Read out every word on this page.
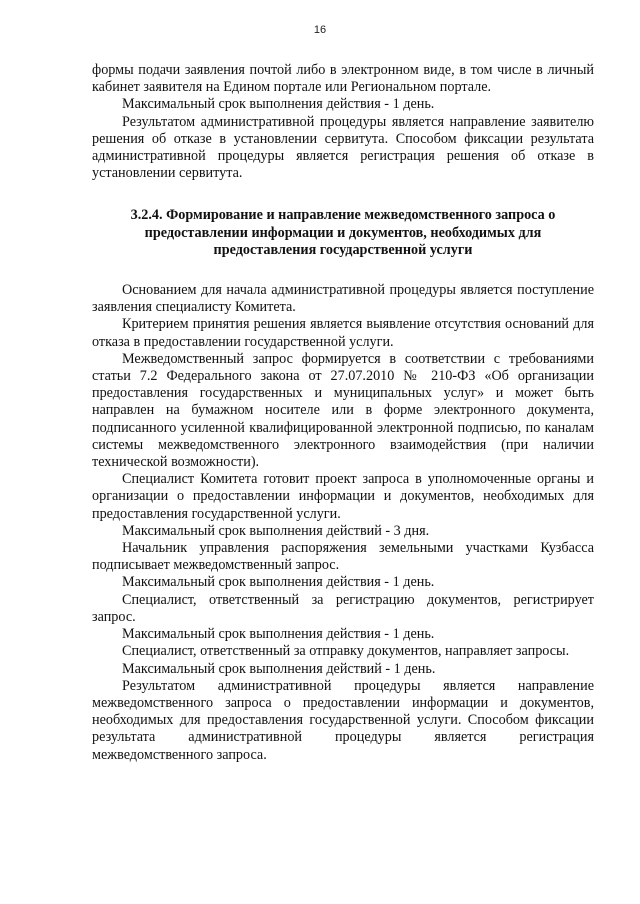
16

формы подачи заявления почтой либо в электронном виде, в том числе в личный кабинет заявителя на Едином портале или Региональном портале.

Максимальный срок выполнения действия - 1 день.

Результатом административной процедуры является направление заявителю решения об отказе в установлении сервитута. Способом фиксации результата административной процедуры является регистрация решения об отказе в установлении сервитута.

3.2.4. Формирование и направление межведомственного запроса о предоставлении информации и документов, необходимых для предоставления государственной услуги

Основанием для начала административной процедуры является поступление заявления специалисту Комитета.

Критерием принятия решения является выявление отсутствия оснований для отказа в предоставлении государственной услуги.

Межведомственный запрос формируется в соответствии с требованиями статьи 7.2 Федерального закона от 27.07.2010 № 210-ФЗ «Об организации предоставления государственных и муниципальных услуг» и может быть направлен на бумажном носителе или в форме электронного документа, подписанного усиленной квалифицированной электронной подписью, по каналам системы межведомственного электронного взаимодействия (при наличии технической возможности).

Специалист Комитета готовит проект запроса в уполномоченные органы и организации о предоставлении информации и документов, необходимых для предоставления государственной услуги.

Максимальный срок выполнения действий - 3 дня.

Начальник управления распоряжения земельными участками Кузбасса подписывает межведомственный запрос.

Максимальный срок выполнения действия - 1 день.

Специалист, ответственный за регистрацию документов, регистрирует запрос.

Максимальный срок выполнения действия - 1 день.

Специалист, ответственный за отправку документов, направляет запросы.

Максимальный срок выполнения действий - 1 день.

Результатом административной процедуры является направление межведомственного запроса о предоставлении информации и документов, необходимых для предоставления государственной услуги. Способом фиксации результата административной процедуры является регистрация межведомственного запроса.
